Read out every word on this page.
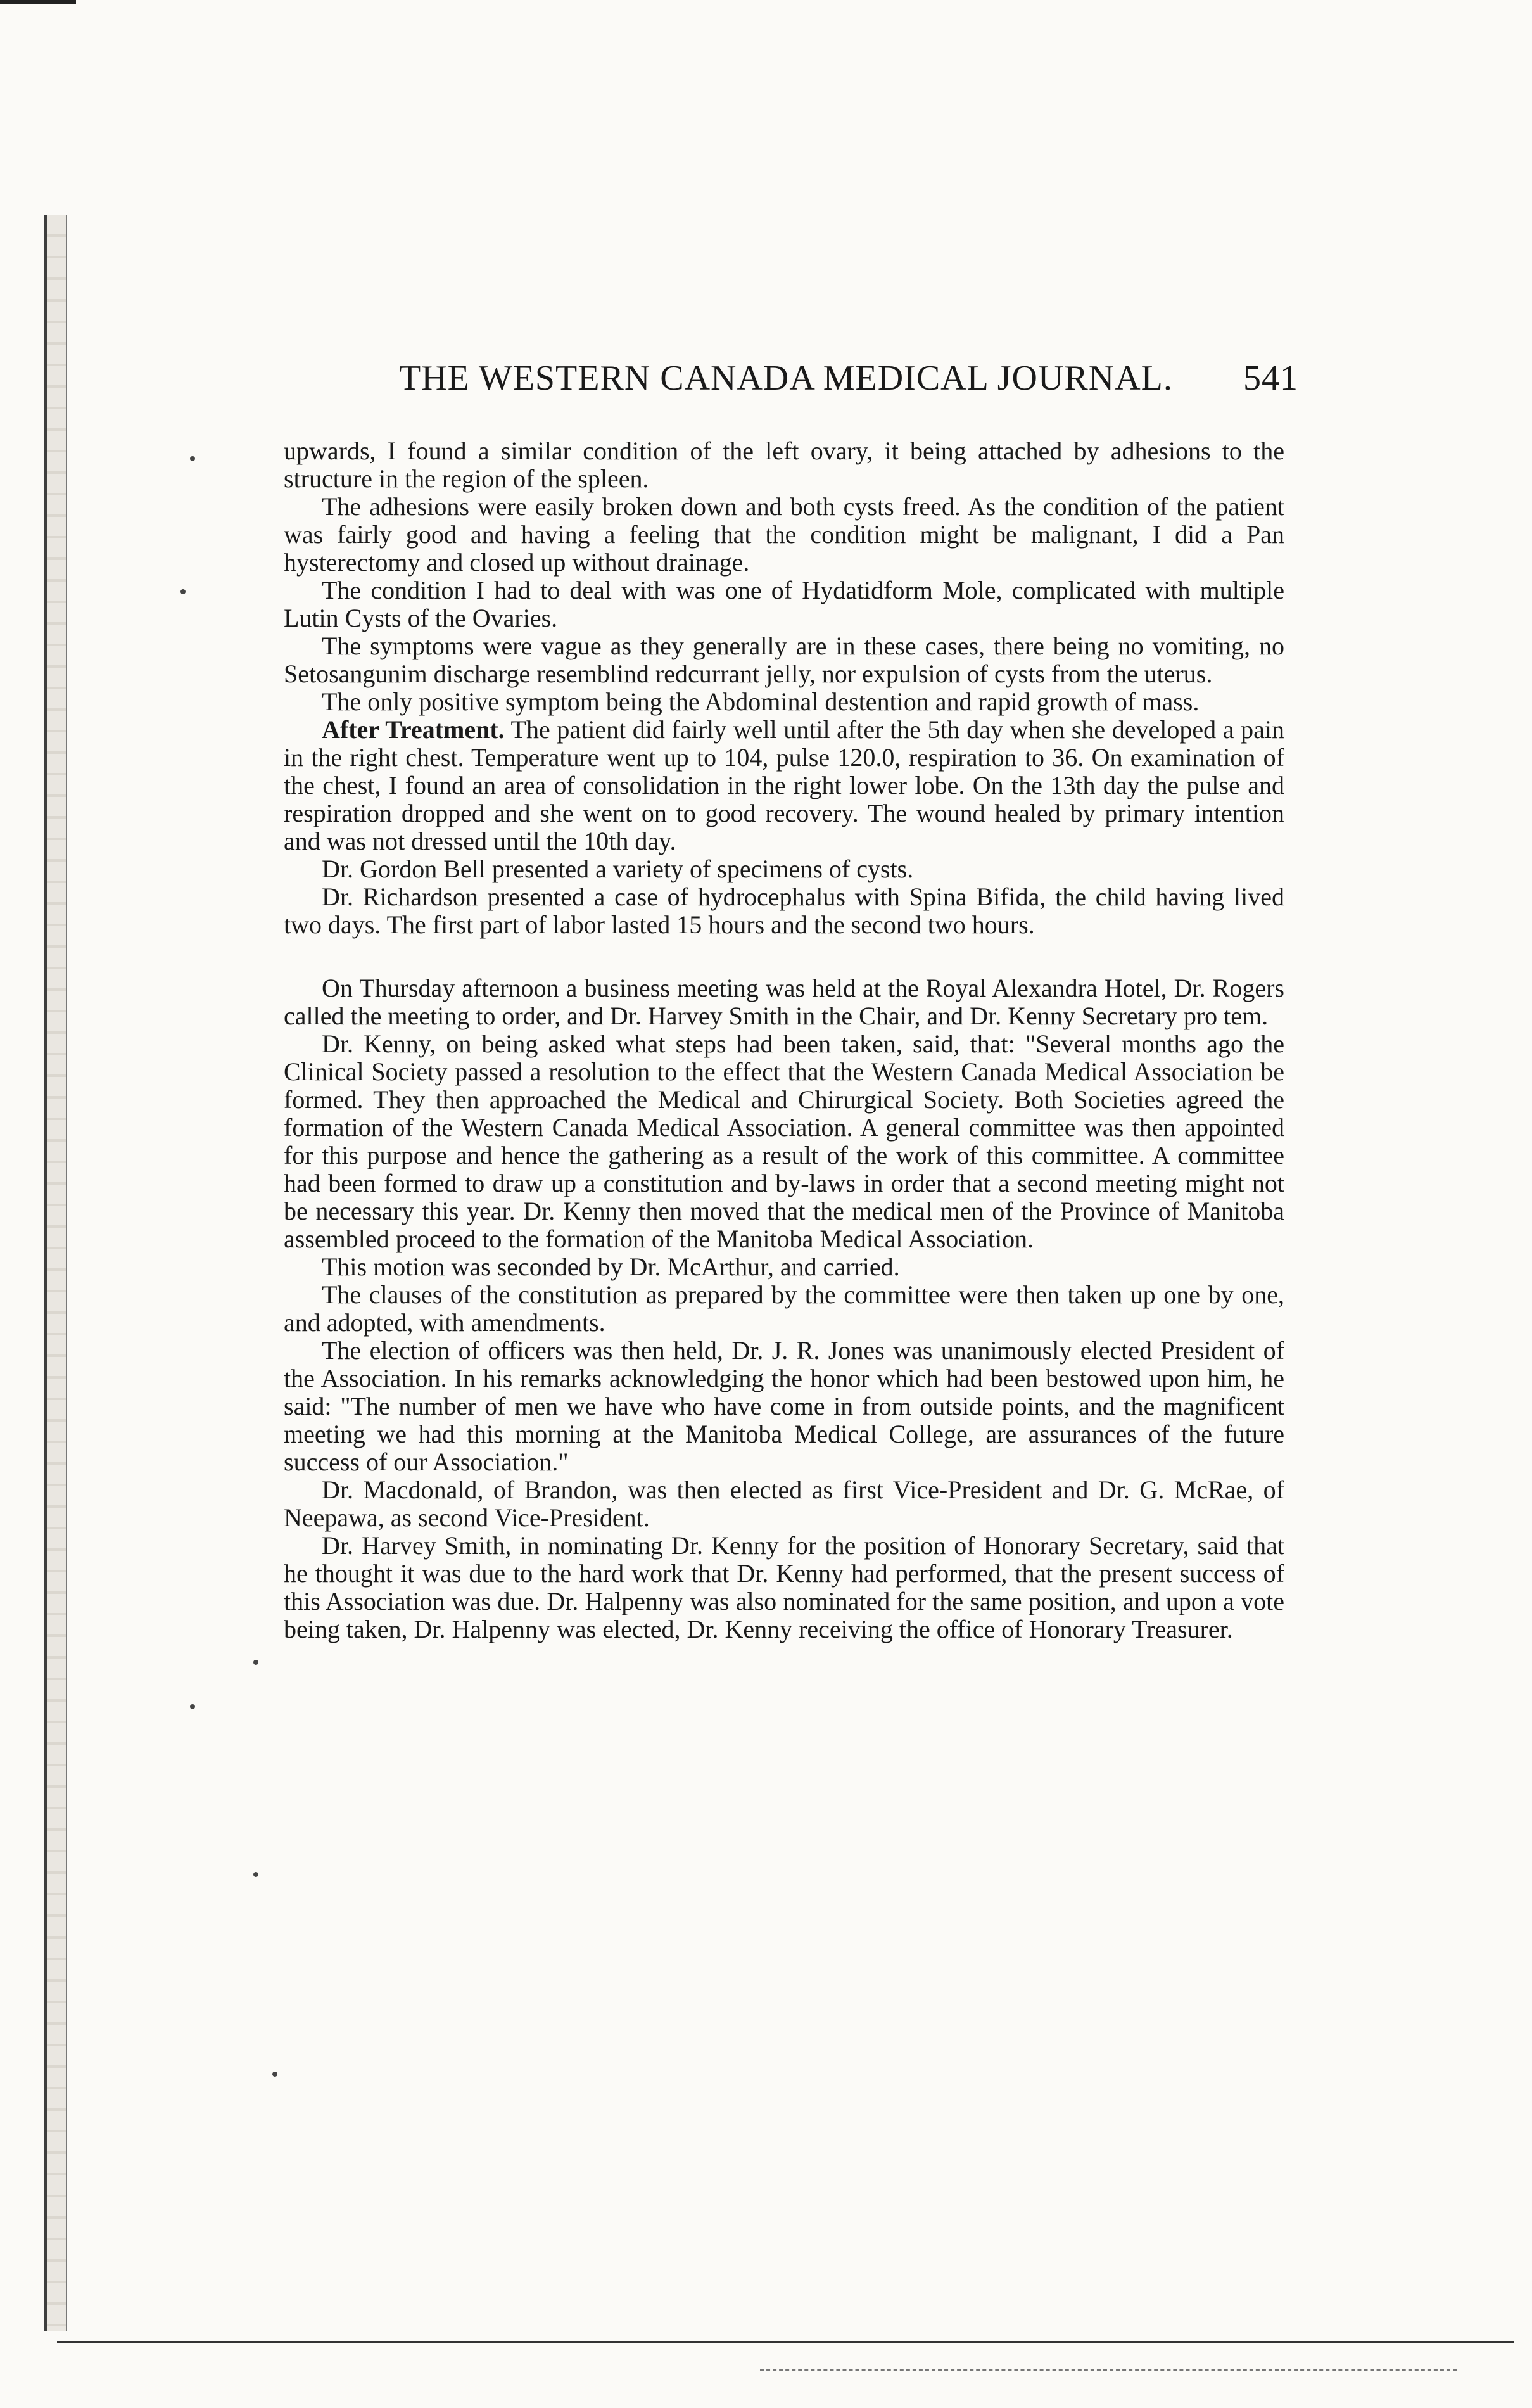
THE WESTERN CANADA MEDICAL JOURNAL. 541

upwards, I found a similar condition of the left ovary, it being attached by adhesions to the structure in the region of the spleen.

The adhesions were easily broken down and both cysts freed. As the condition of the patient was fairly good and having a feeling that the condition might be malignant, I did a Pan hysterectomy and closed up without drainage.

The condition I had to deal with was one of Hydatidform Mole, complicated with multiple Lutin Cysts of the Ovaries.

The symptoms were vague as they generally are in these cases, there being no vomiting, no Setosangunim discharge resemblind redcurrant jelly, nor expulsion of cysts from the uterus.

The only positive symptom being the Abdominal destention and rapid growth of mass.

After Treatment. The patient did fairly well until after the 5th day when she developed a pain in the right chest. Temperature went up to 104, pulse 120.0, respiration to 36. On examination of the chest, I found an area of consolidation in the right lower lobe. On the 13th day the pulse and respiration dropped and she went on to good recovery. The wound healed by primary intention and was not dressed until the 10th day.

Dr. Gordon Bell presented a variety of specimens of cysts.

Dr. Richardson presented a case of hydrocephalus with Spina Bifida, the child having lived two days. The first part of labor lasted 15 hours and the second two hours.

On Thursday afternoon a business meeting was held at the Royal Alexandra Hotel, Dr. Rogers called the meeting to order, and Dr. Harvey Smith in the Chair, and Dr. Kenny Secretary pro tem.

Dr. Kenny, on being asked what steps had been taken, said, that: "Several months ago the Clinical Society passed a resolution to the effect that the Western Canada Medical Association be formed. They then approached the Medical and Chirurgical Society. Both Societies agreed the formation of the Western Canada Medical Association. A general committee was then appointed for this purpose and hence the gathering as a result of the work of this committee. A committee had been formed to draw up a constitution and by-laws in order that a second meeting might not be necessary this year. Dr. Kenny then moved that the medical men of the Province of Manitoba assembled proceed to the formation of the Manitoba Medical Association.

This motion was seconded by Dr. McArthur, and carried.

The clauses of the constitution as prepared by the committee were then taken up one by one, and adopted, with amendments.

The election of officers was then held, Dr. J. R. Jones was unanimously elected President of the Association. In his remarks acknowledging the honor which had been bestowed upon him, he said: "The number of men we have who have come in from outside points, and the magnificent meeting we had this morning at the Manitoba Medical College, are assurances of the future success of our Association."

Dr. Macdonald, of Brandon, was then elected as first Vice-President and Dr. G. McRae, of Neepawa, as second Vice-President.

Dr. Harvey Smith, in nominating Dr. Kenny for the position of Honorary Secretary, said that he thought it was due to the hard work that Dr. Kenny had performed, that the present success of this Association was due. Dr. Halpenny was also nominated for the same position, and upon a vote being taken, Dr. Halpenny was elected, Dr. Kenny receiving the office of Honorary Treasurer.
